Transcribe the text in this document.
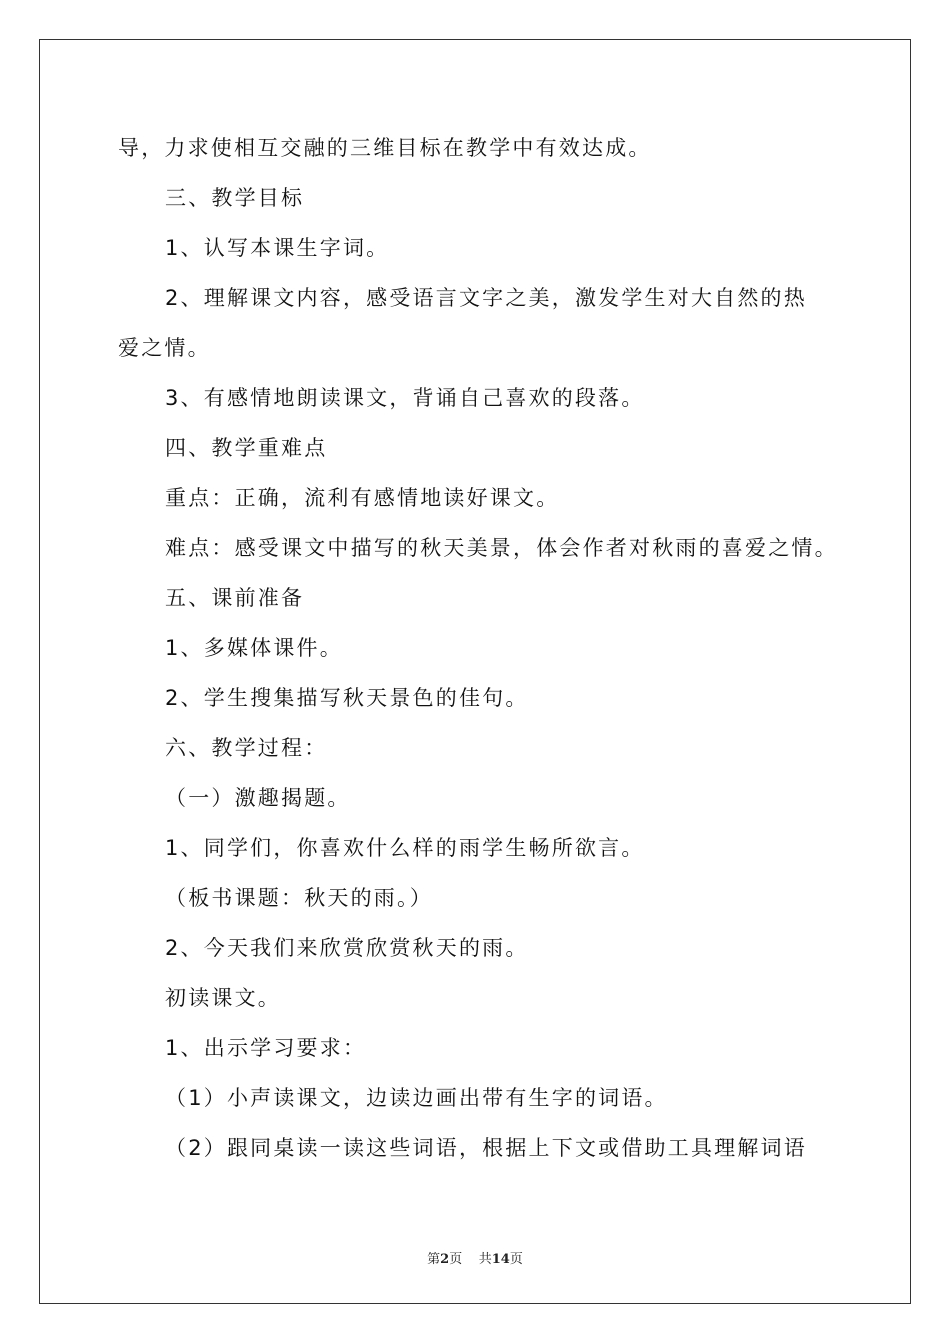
导，力求使相互交融的三维目标在教学中有效达成。
三、教学目标
1、认写本课生字词。
2、理解课文内容，感受语言文字之美，激发学生对大自然的热
爱之情。
3、有感情地朗读课文，背诵自己喜欢的段落。
四、教学重难点
重点：正确，流利有感情地读好课文。
难点：感受课文中描写的秋天美景，体会作者对秋雨的喜爱之情。
五、课前准备
1、多媒体课件。
2、学生搜集描写秋天景色的佳句。
六、教学过程：
（一）激趣揭题。
1、同学们，你喜欢什么样的雨学生畅所欲言。
（板书课题：秋天的雨。）
2、今天我们来欣赏欣赏秋天的雨。
初读课文。
1、出示学习要求：
（1）小声读课文，边读边画出带有生字的词语。
（2）跟同桌读一读这些词语，根据上下文或借助工具理解词语
第2页 共14页
